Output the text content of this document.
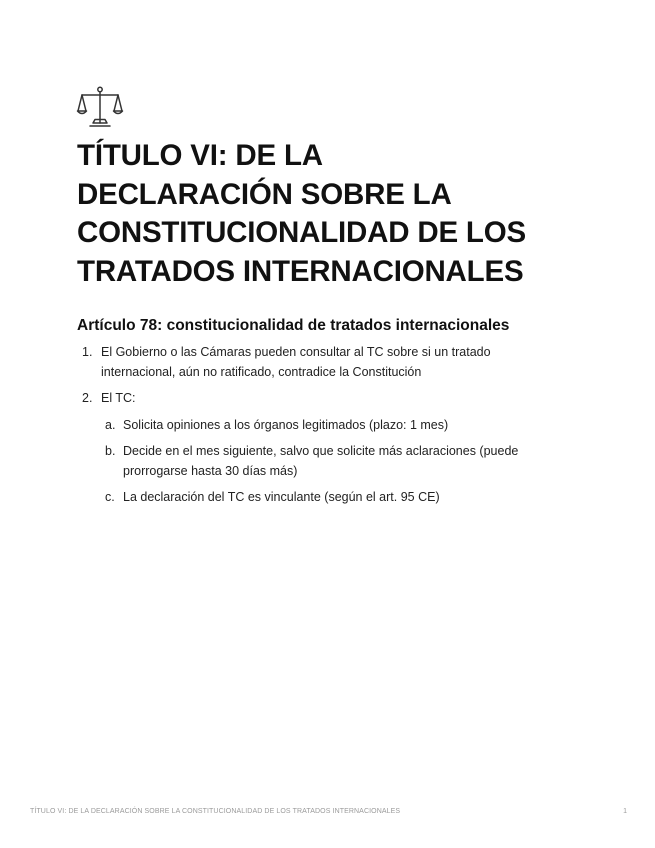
TÍTULO VI: DE LA
DECLARACIÓN SOBRE LA
CONSTITUCIONALIDAD DE LOS
TRATADOS INTERNACIONALES
Artículo 78: constitucionalidad de tratados internacionales
1. El Gobierno o las Cámaras pueden consultar al TC sobre si un tratado
internacional, aún no ratificado, contradice la Constitución
2. El TC:
a. Solicita opiniones a los órganos legitimados (plazo: 1 mes)
b. Decide en el mes siguiente, salvo que solicite más aclaraciones (puede
prorrogarse hasta 30 días más)
c. La declaración del TC es vinculante (según el art. 95 CE)
TÍTULO VI: DE LA DECLARACIÓN SOBRE LA CONSTITUCIONALIDAD DE LOS TRATADOS INTERNACIONALES	1
